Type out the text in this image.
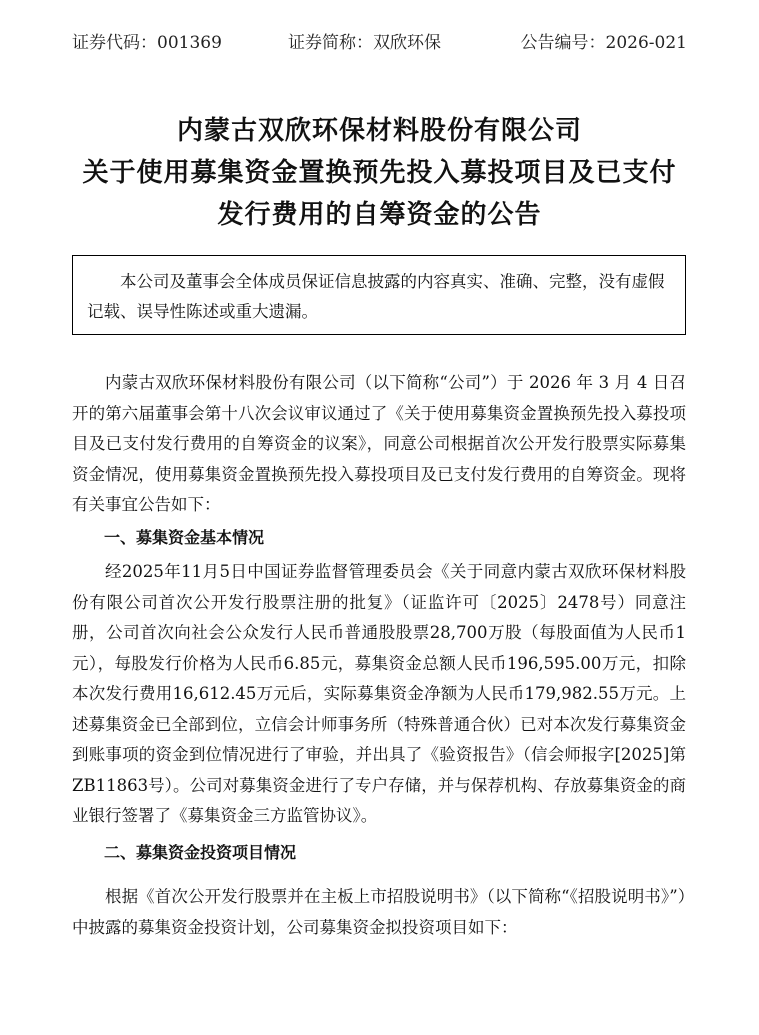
证券代码：001369	证券简称：双欣环保	公告编号：2026-021
内蒙古双欣环保材料股份有限公司
关于使用募集资金置换预先投入募投项目及已支付
发行费用的自筹资金的公告

本公司及董事会全体成员保证信息披露的内容真实、准确、完整，没有虚假记载、误导性陈述或重大遗漏。

内蒙古双欣环保材料股份有限公司（以下简称“公司”）于 2026 年 3 月 4 日召开的第六届董事会第十八次会议审议通过了《关于使用募集资金置换预先投入募投项目及已支付发行费用的自筹资金的议案》，同意公司根据首次公开发行股票实际募集资金情况，使用募集资金置换预先投入募投项目及已支付发行费用的自筹资金。现将有关事宜公告如下：

一、募集资金基本情况

经2025年11月5日中国证券监督管理委员会《关于同意内蒙古双欣环保材料股份有限公司首次公开发行股票注册的批复》（证监许可〔2025〕2478号）同意注册，公司首次向社会公众发行人民币普通股股票28,700万股（每股面值为人民币1元），每股发行价格为人民币6.85元，募集资金总额人民币196,595.00万元，扣除本次发行费用16,612.45万元后，实际募集资金净额为人民币179,982.55万元。上述募集资金已全部到位，立信会计师事务所（特殊普通合伙）已对本次发行募集资金到账事项的资金到位情况进行了审验，并出具了《验资报告》（信会师报字[2025]第ZB11863号）。公司对募集资金进行了专户存储，并与保荐机构、存放募集资金的商业银行签署了《募集资金三方监管协议》。

二、募集资金投资项目情况

根据《首次公开发行股票并在主板上市招股说明书》（以下简称“《招股说明书》”）中披露的募集资金投资计划，公司募集资金拟投资项目如下：
